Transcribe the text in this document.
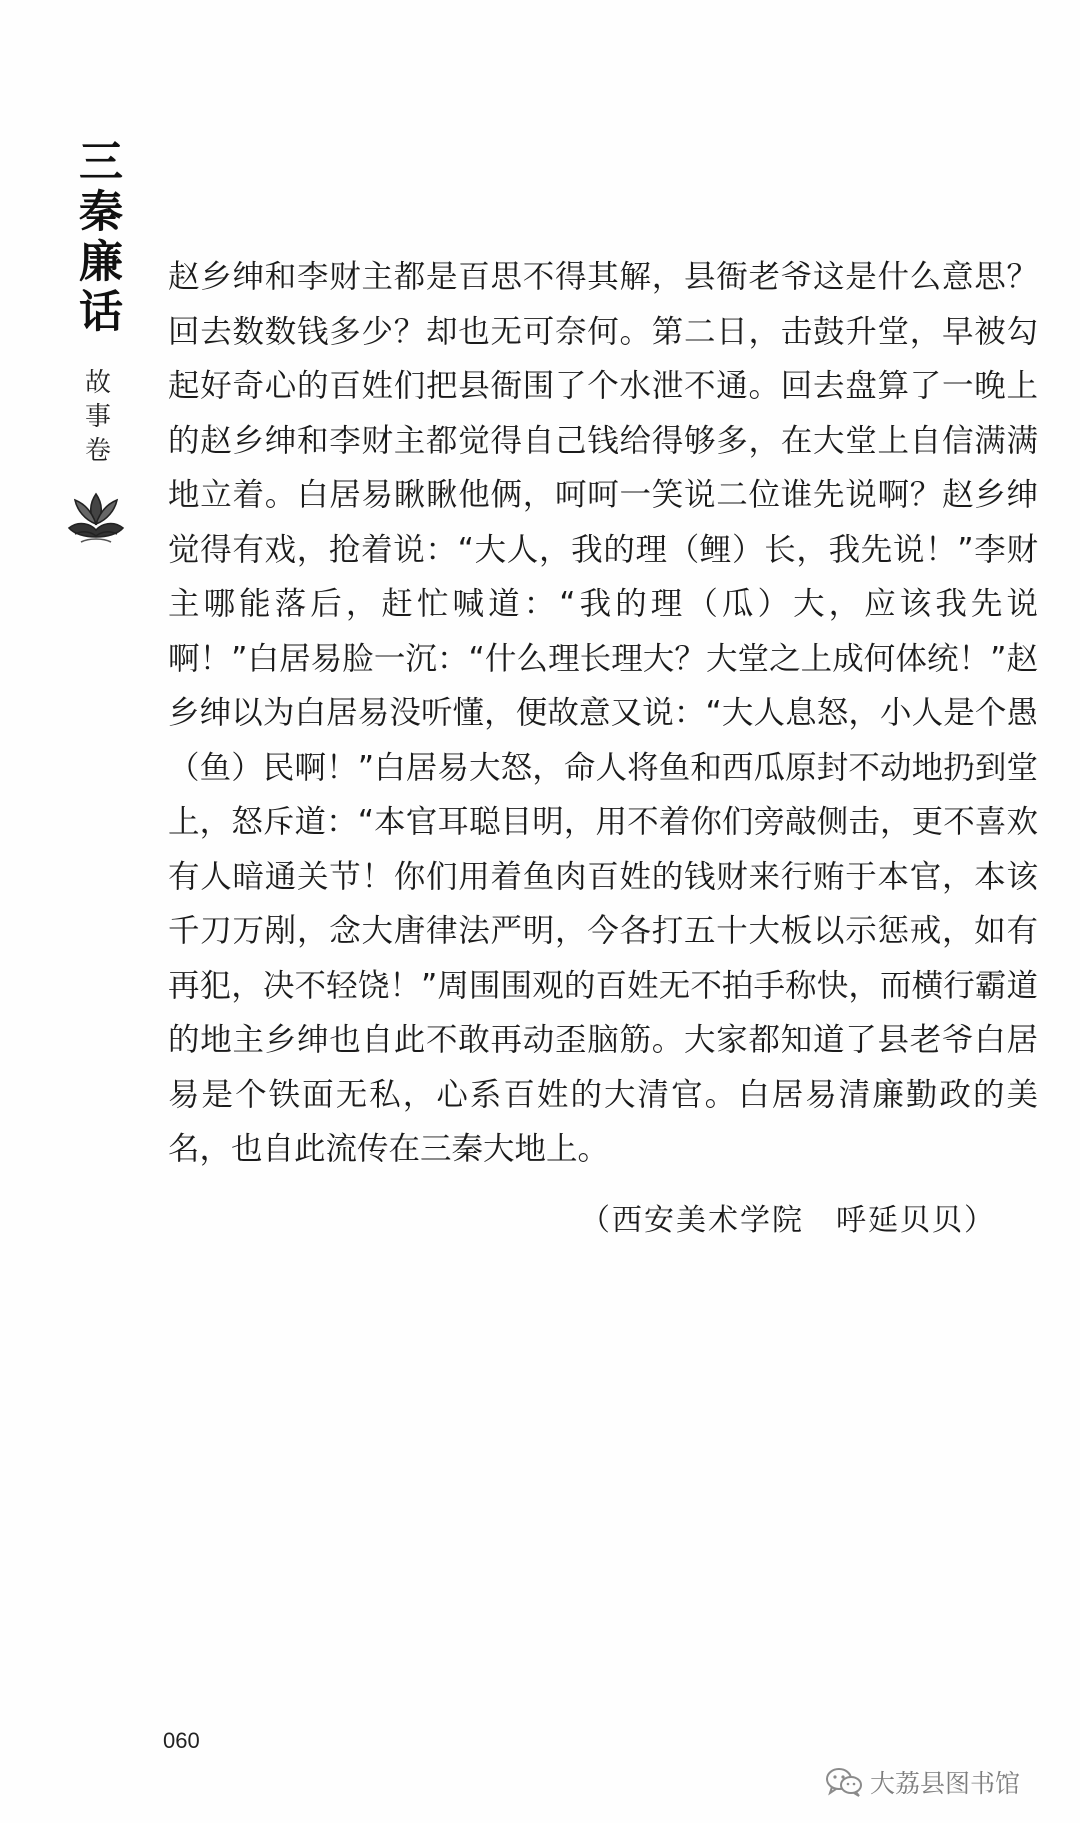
三秦廉话
故事卷

赵乡绅和李财主都是百思不得其解，县衙老爷这是什么意思？回去数数钱多少？却也无可奈何。第二日，击鼓升堂，早被勾起好奇心的百姓们把县衙围了个水泄不通。回去盘算了一晚上的赵乡绅和李财主都觉得自己钱给得够多，在大堂上自信满满地立着。白居易瞅瞅他俩，呵呵一笑说二位谁先说啊？赵乡绅觉得有戏，抢着说：“大人，我的理（鲤）长，我先说！”李财主哪能落后，赶忙喊道：“我的理（瓜）大，应该我先说啊！”白居易脸一沉：“什么理长理大？大堂之上成何体统！”赵乡绅以为白居易没听懂，便故意又说：“大人息怒，小人是个愚（鱼）民啊！”白居易大怒，命人将鱼和西瓜原封不动地扔到堂上，怒斥道：“本官耳聪目明，用不着你们旁敲侧击，更不喜欢有人暗通关节！你们用着鱼肉百姓的钱财来行贿于本官，本该千刀万剐，念大唐律法严明，今各打五十大板以示惩戒，如有再犯，决不轻饶！”周围围观的百姓无不拍手称快，而横行霸道的地主乡绅也自此不敢再动歪脑筋。大家都知道了县老爷白居易是个铁面无私，心系百姓的大清官。白居易清廉勤政的美名，也自此流传在三秦大地上。

（西安美术学院　呼延贝贝）
060
大荔县图书馆
